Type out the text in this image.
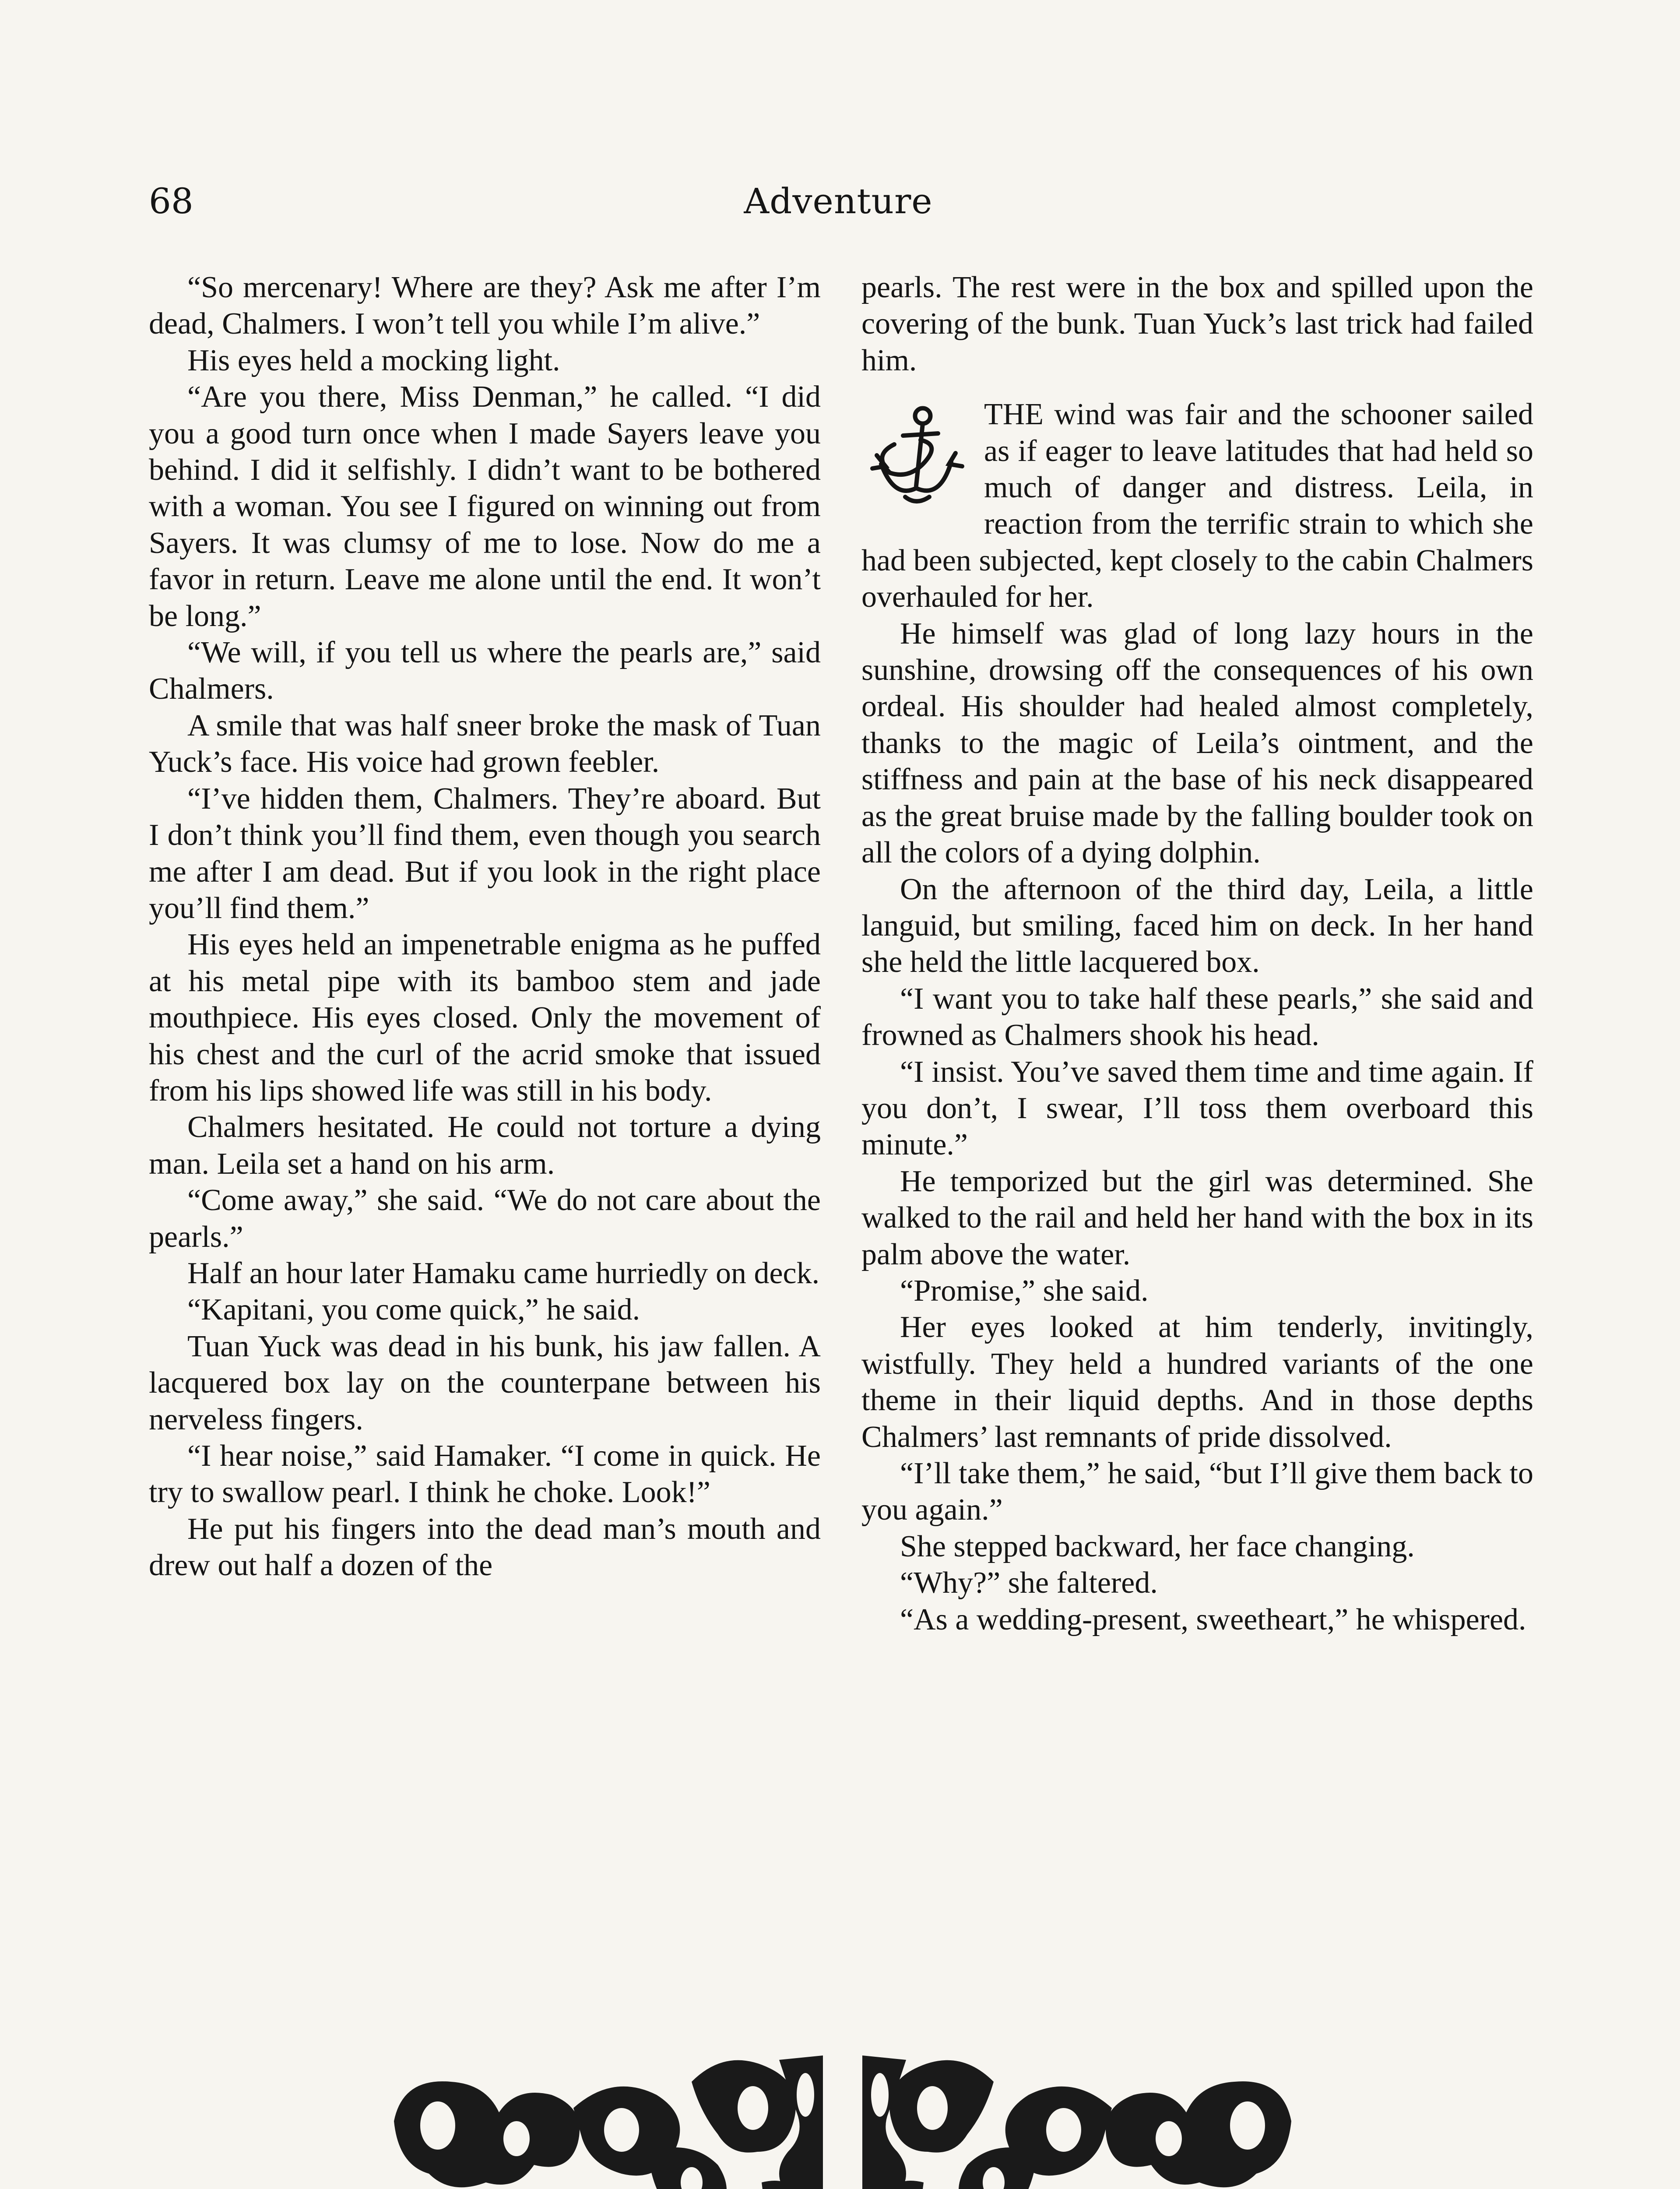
68	Adventure

“So mercenary! Where are they? Ask me after I’m dead, Chalmers. I won’t tell you while I’m alive.”

His eyes held a mocking light.

“Are you there, Miss Denman,” he called. “I did you a good turn once when I made Sayers leave you behind. I did it selfishly. I didn’t want to be bothered with a woman. You see I figured on winning out from Sayers. It was clumsy of me to lose. Now do me a favor in return. Leave me alone until the end. It won’t be long.”

“We will, if you tell us where the pearls are,” said Chalmers.

A smile that was half sneer broke the mask of Tuan Yuck’s face. His voice had grown feebler.

“I’ve hidden them, Chalmers. They’re aboard. But I don’t think you’ll find them, even though you search me after I am dead. But if you look in the right place you’ll find them.”

His eyes held an impenetrable enigma as he puffed at his metal pipe with its bamboo stem and jade mouthpiece. His eyes closed. Only the movement of his chest and the curl of the acrid smoke that issued from his lips showed life was still in his body.

Chalmers hesitated. He could not torture a dying man. Leila set a hand on his arm.

“Come away,” she said. “We do not care about the pearls.”

Half an hour later Hamaku came hurriedly on deck.

“Kapitani, you come quick,” he said.

Tuan Yuck was dead in his bunk, his jaw fallen. A lacquered box lay on the counterpane between his nerveless fingers.

“I hear noise,” said Hamaker. “I come in quick. He try to swallow pearl. I think he choke. Look!”

He put his fingers into the dead man’s mouth and drew out half a dozen of the

pearls. The rest were in the box and spilled upon the covering of the bunk. Tuan Yuck’s last trick had failed him.

THE wind was fair and the schooner sailed as if eager to leave latitudes that had held so much of danger and distress. Leila, in reaction from the terrific strain to which she had been subjected, kept closely to the cabin Chalmers overhauled for her.

He himself was glad of long lazy hours in the sunshine, drowsing off the consequences of his own ordeal. His shoulder had healed almost completely, thanks to the magic of Leila’s ointment, and the stiffness and pain at the base of his neck disappeared as the great bruise made by the falling boulder took on all the colors of a dying dolphin.

On the afternoon of the third day, Leila, a little languid, but smiling, faced him on deck. In her hand she held the little lacquered box.

“I want you to take half these pearls,” she said and frowned as Chalmers shook his head.

“I insist. You’ve saved them time and time again. If you don’t, I swear, I’ll toss them overboard this minute.”

He temporized but the girl was determined. She walked to the rail and held her hand with the box in its palm above the water.

“Promise,” she said.

Her eyes looked at him tenderly, invitingly, wistfully. They held a hundred variants of the one theme in their liquid depths. And in those depths Chalmers’ last remnants of pride dissolved.

“I’ll take them,” he said, “but I’ll give them back to you again.”

She stepped backward, her face changing.

“Why?” she faltered.

“As a wedding-present, sweetheart,” he whispered.
